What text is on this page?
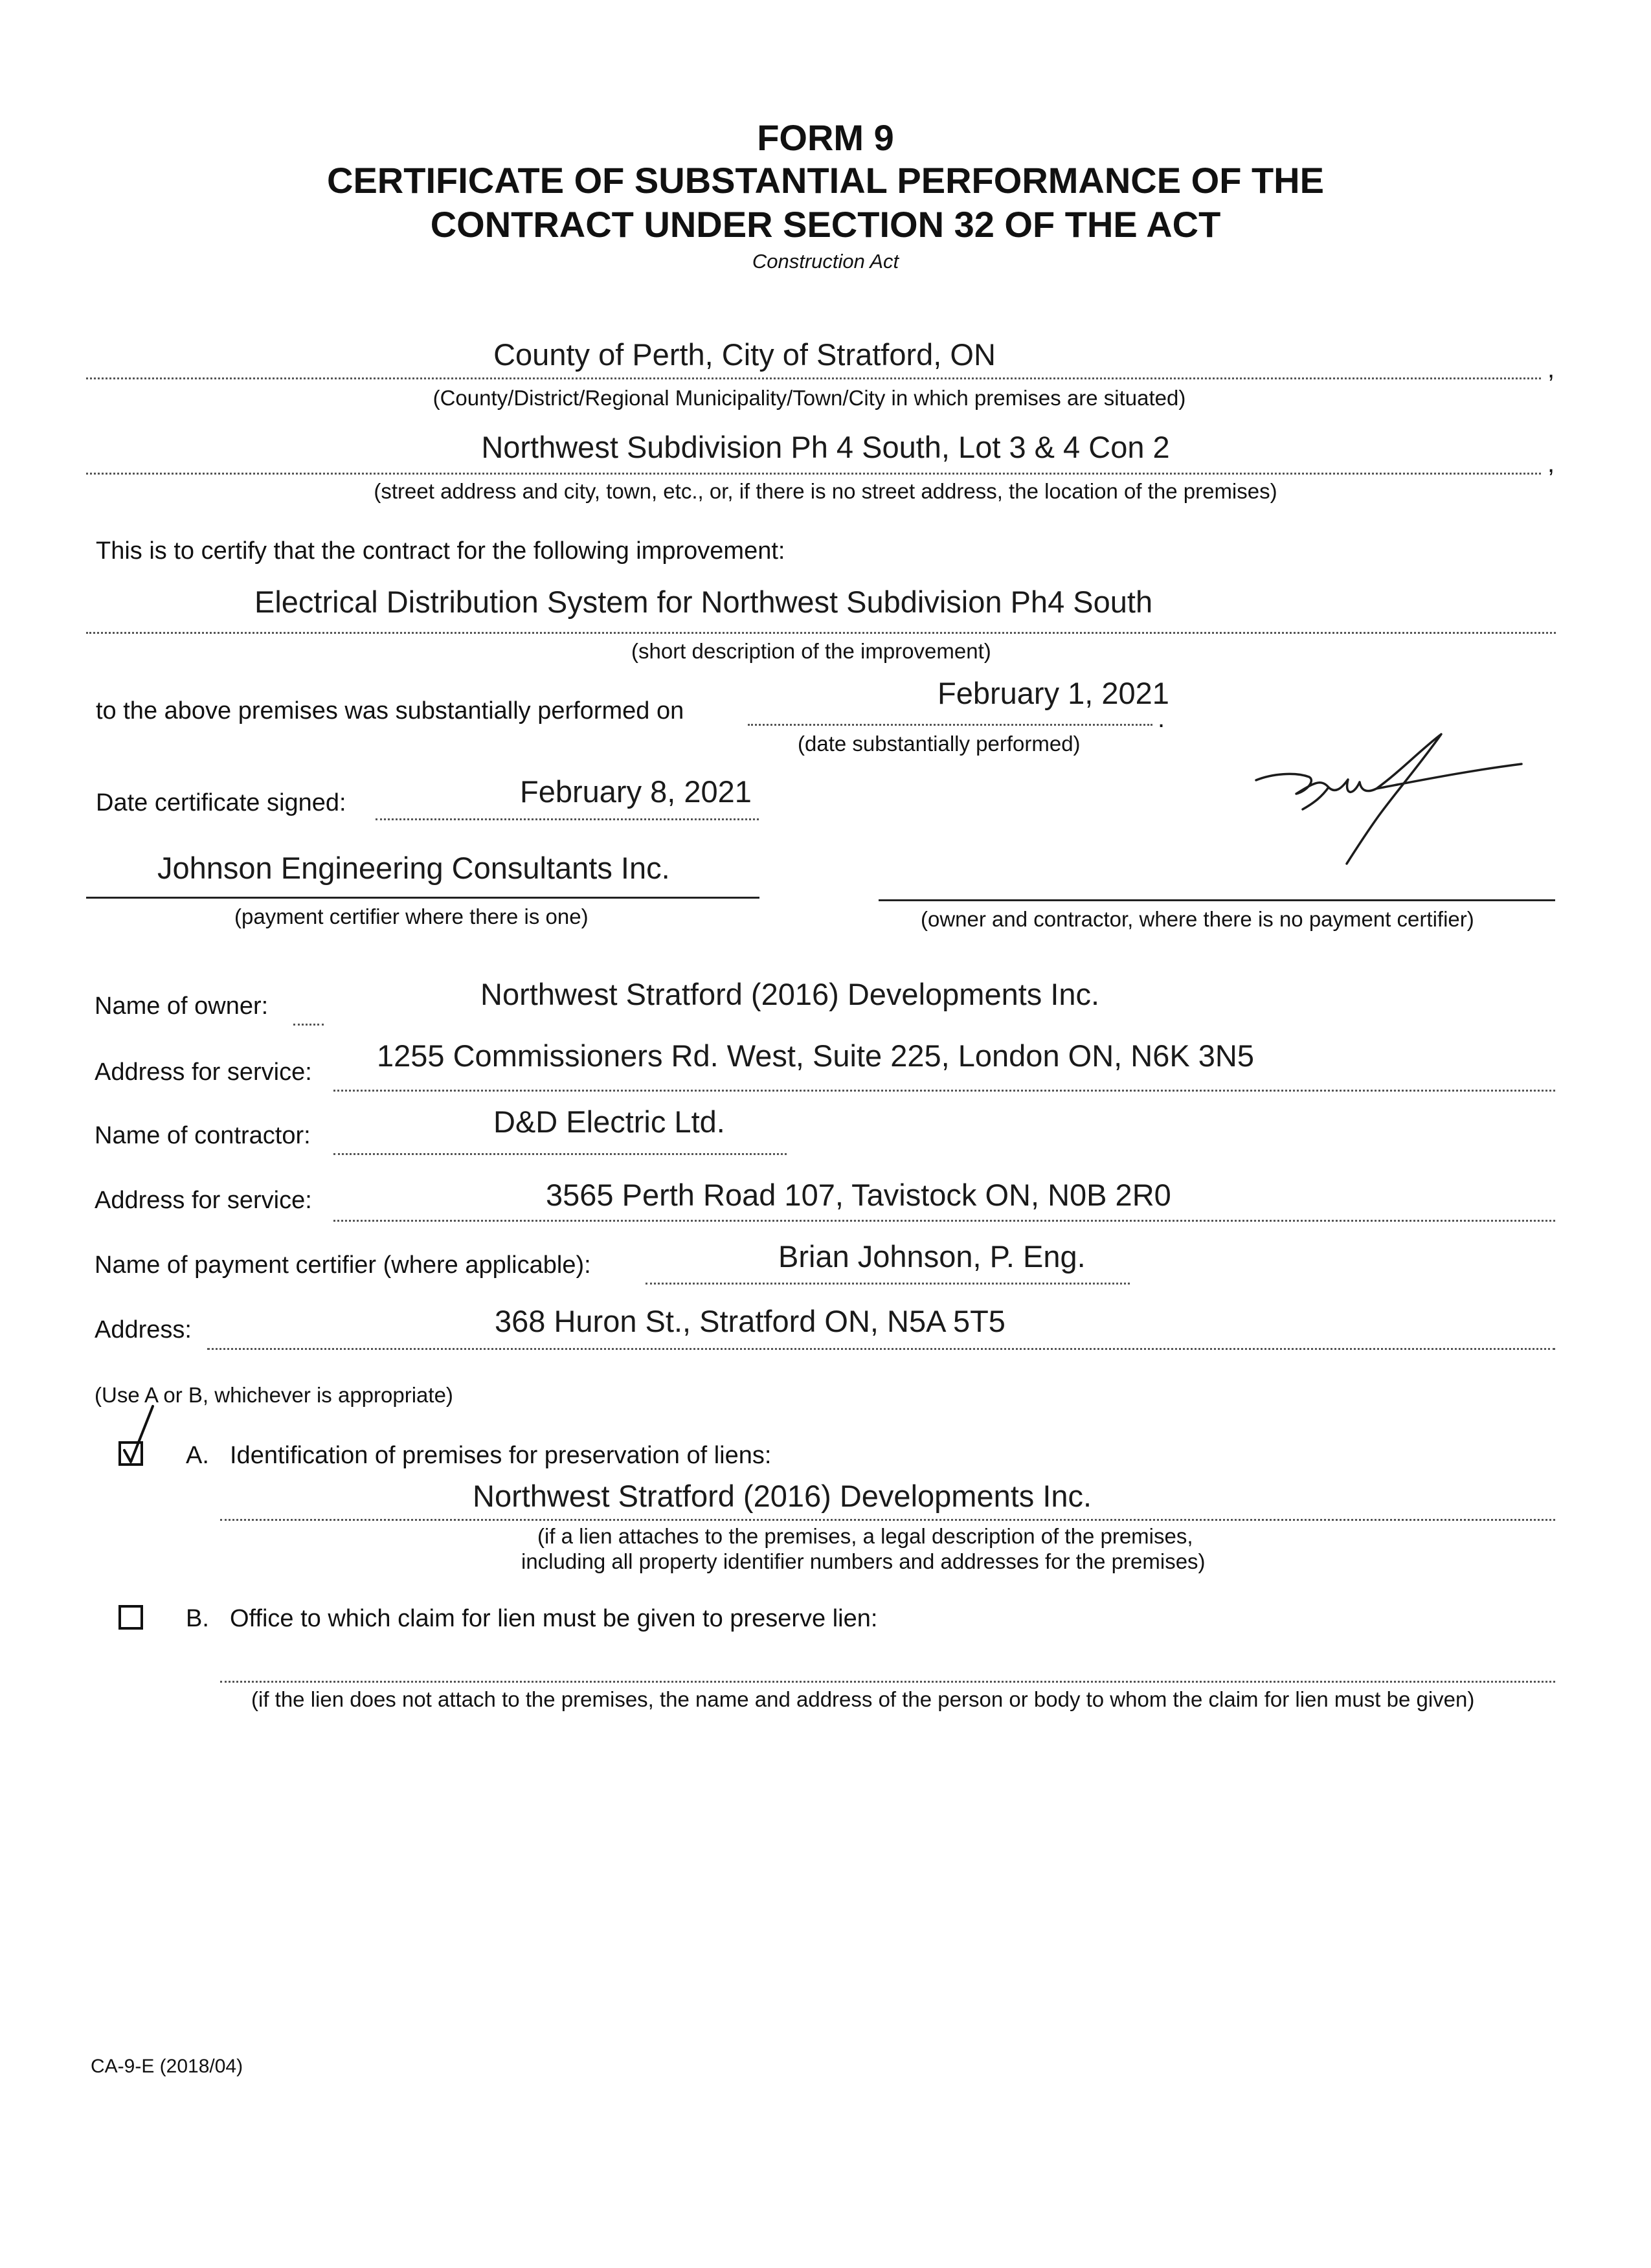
FORM 9
CERTIFICATE OF SUBSTANTIAL PERFORMANCE OF THE
CONTRACT UNDER SECTION 32 OF THE ACT
Construction Act
County of Perth, City of Stratford, ON	,
(County/District/Regional Municipality/Town/City in which premises are situated)
Northwest Subdivision Ph 4 South, Lot 3 & 4 Con 2	,
(street address and city, town, etc., or, if there is no street address, the location of the premises)
This is to certify that the contract for the following improvement:
Electrical Distribution System for Northwest Subdivision Ph4 South
(short description of the improvement)
to the above premises was substantially performed on
February 1, 2021
.
(date substantially performed)
Date certificate signed:	February 8, 2021
Johnson Engineering Consultants Inc.
(payment certifier where there is one)	(owner and contractor, where there is no payment certifier)
Name of owner:	Northwest Stratford (2016) Developments Inc.
Address for service: 1255 Commissioners Rd. West, Suite 225, London ON, N6K 3N5
Name of contractor:	D&D Electric Ltd.
Address for service:	3565 Perth Road 107, Tavistock ON, N0B 2R0
Name of payment certifier (where applicable):	Brian Johnson, P. Eng.
Address:	368 Huron St., Stratford ON, N5A 5T5
(Use A or B, whichever is appropriate)
A. Identification of premises for preservation of liens:
Northwest Stratford (2016) Developments Inc.
(if a lien attaches to the premises, a legal description of the premises,
including all property identifier numbers and addresses for the premises)
B. Office to which claim for lien must be given to preserve lien:
(if the lien does not attach to the premises, the name and address of the person or body to whom the claim for lien must be given)
CA-9-E (2018/04)
